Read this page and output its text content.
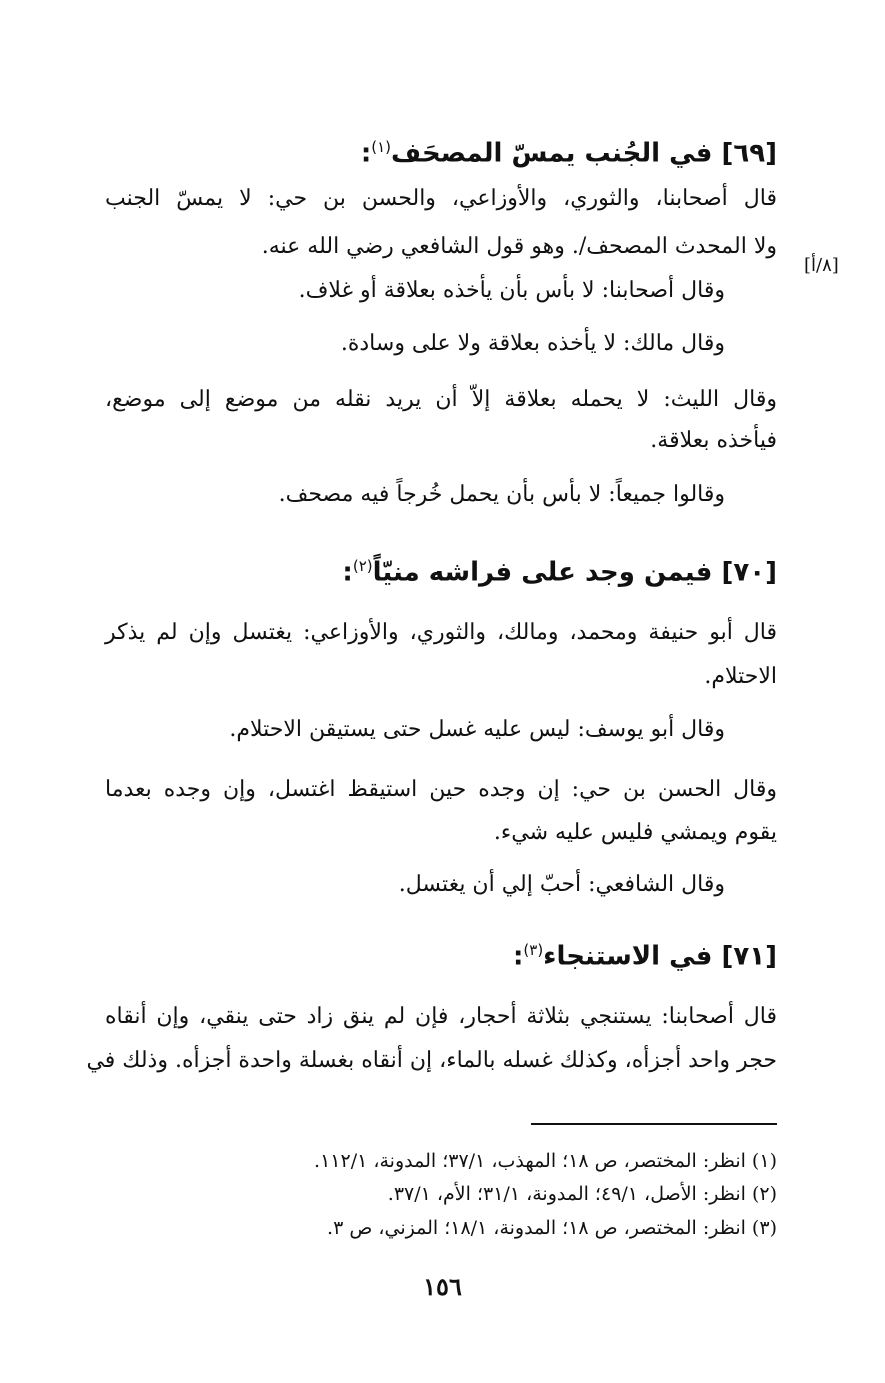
[٦٩] في الجُنب يمسّ المصحَف$^{(١)}$:
قال أصحابنا، والثوري، والأوزاعي، والحسن بن حي: لا يمسّ الجنب
ولا المحدث المصحف/. وهو قول الشافعي رضي الله عنه.
[٨/أ]
وقال أصحابنا: لا بأس بأن يأخذه بعلاقة أو غلاف.
وقال مالك: لا يأخذه بعلاقة ولا على وسادة.
وقال الليث: لا يحمله بعلاقة إلاّ أن يريد نقله من موضع إلى موضع،
فيأخذه بعلاقة.
وقالوا جميعاً: لا بأس بأن يحمل خُرجاً فيه مصحف.
[٧٠] فيمن وجد على فراشه منيّاً$^{(٢)}$:
قال أبو حنيفة ومحمد، ومالك، والثوري، والأوزاعي: يغتسل وإن لم يذكر
الاحتلام.
وقال أبو يوسف: ليس عليه غسل حتى يستيقن الاحتلام.
وقال الحسن بن حي: إن وجده حين استيقظ اغتسل، وإن وجده بعدما
يقوم ويمشي فليس عليه شيء.
وقال الشافعي: أحبّ إلي أن يغتسل.
[٧١] في الاستنجاء$^{(٣)}$:
قال أصحابنا: يستنجي بثلاثة أحجار، فإن لم ينق زاد حتى ينقي، وإن أنقاه
حجر واحد أجزأه، وكذلك غسله بالماء، إن أنقاه بغسلة واحدة أجزأه. وذلك في
(١) انظر: المختصر، ص ١٨؛ المهذب، ٣٧/١؛ المدونة، ١١٢/١.
(٢) انظر: الأصل، ٤٩/١؛ المدونة، ٣١/١؛ الأم، ٣٧/١.
(٣) انظر: المختصر، ص ١٨؛ المدونة، ١٨/١؛ المزني، ص ٣.
١٥٦
